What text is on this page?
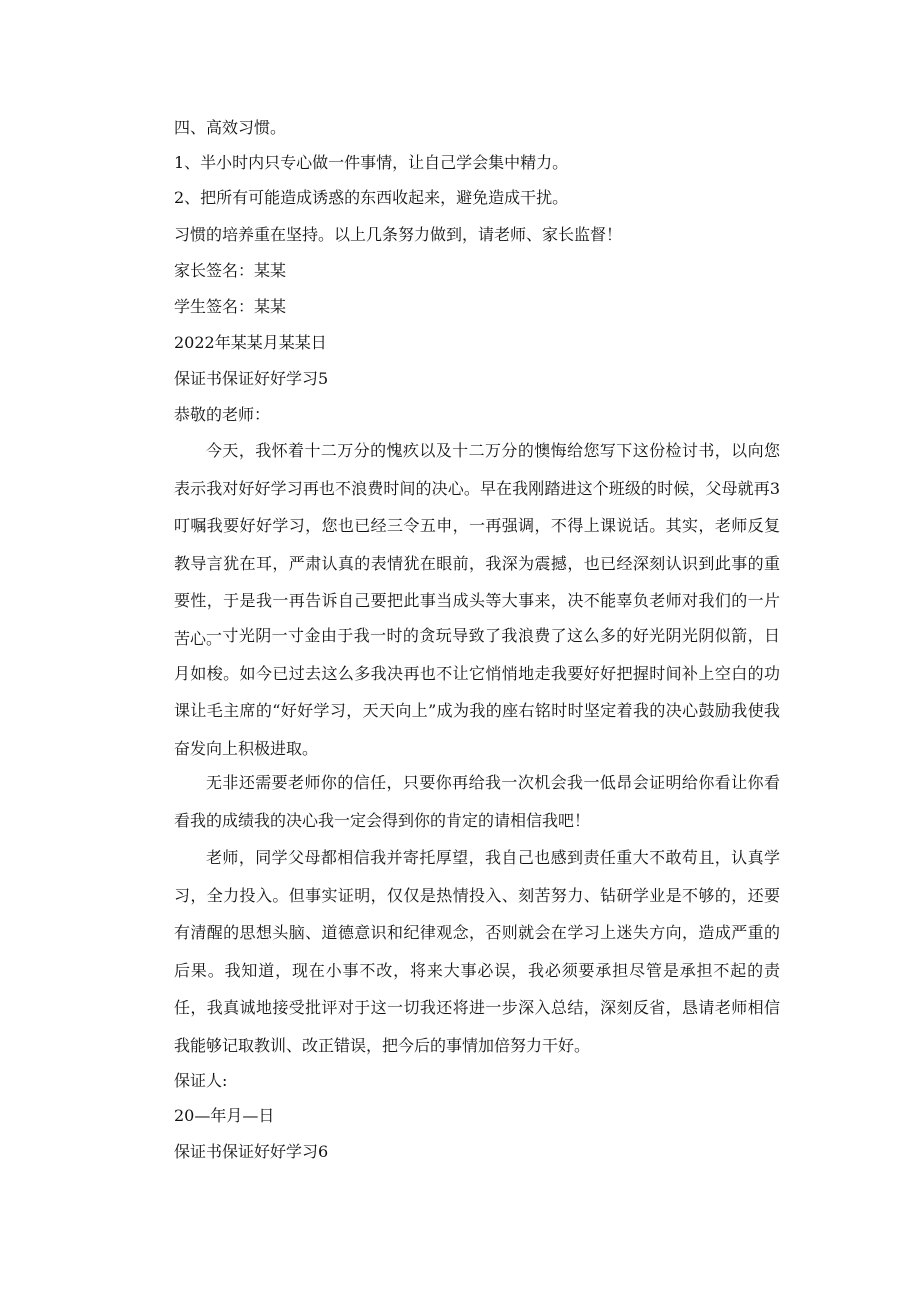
四、高效习惯。
1、半小时内只专心做一件事情，让自己学会集中精力。
2、把所有可能造成诱惑的东西收起来，避免造成干扰。
习惯的培养重在坚持。以上几条努力做到，请老师、家长监督！
家长签名：某某
学生签名：某某
2022年某某月某某日
保证书保证好好学习5
恭敬的老师：
今天，我怀着十二万分的愧疚以及十二万分的懊悔给您写下这份检讨书，以向您表示我对好好学习再也不浪费时间的决心。早在我刚踏进这个班级的时候，父母就再3叮嘱我要好好学习，您也已经三令五申，一再强调，不得上课说话。其实，老师反复教导言犹在耳，严肃认真的表情犹在眼前，我深为震撼，也已经深刻认识到此事的重要性，于是我一再告诉自己要把此事当成头等大事来，决不能辜负老师对我们的一片苦心。
一寸光阴一寸金由于我一时的贪玩导致了我浪费了这么多的好光阴光阴似箭，日月如梭。如今已过去这么多我决再也不让它悄悄地走我要好好把握时间补上空白的功课让毛主席的“好好学习，天天向上”成为我的座右铭时时坚定着我的决心鼓励我使我奋发向上积极进取。
无非还需要老师你的信任，只要你再给我一次机会我一低昂会证明给你看让你看看我的成绩我的决心我一定会得到你的肯定的请相信我吧！
老师，同学父母都相信我并寄托厚望，我自己也感到责任重大不敢苟且，认真学习，全力投入。但事实证明，仅仅是热情投入、刻苦努力、钻研学业是不够的，还要有清醒的思想头脑、道德意识和纪律观念，否则就会在学习上迷失方向，造成严重的后果。我知道，现在小事不改，将来大事必误，我必须要承担尽管是承担不起的责任，我真诚地接受批评对于这一切我还将进一步深入总结，深刻反省，恳请老师相信我能够记取教训、改正错误，把今后的事情加倍努力干好。
保证人:
20—年月—日
保证书保证好好学习6
